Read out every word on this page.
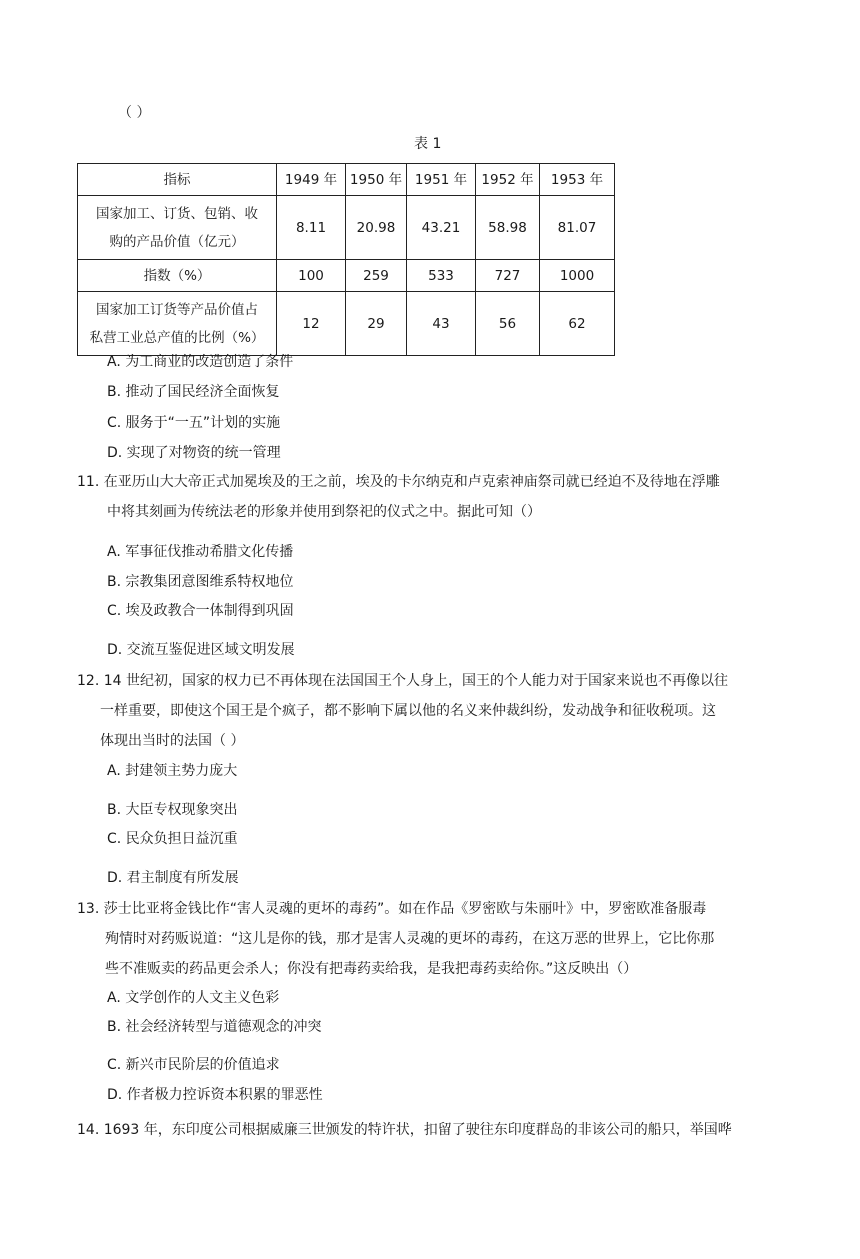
（ ）
表 1
指标	1949 年	1950 年	1951 年	1952 年	1953 年

国家加工、订货、包销、收
购的产品价值（亿元）	8.11	20.98	43.21	58.98	81.07
指数（%）	100	259	533	727	1000

国家加工订货等产品价值占
私营工业总产值的比例（%）	12	29	43	56	62
A. 为工商业的改造创造了条件
B. 推动了国民经济全面恢复
C. 服务于“一五”计划的实施
D. 实现了对物资的统一管理
11. 在亚历山大大帝正式加冕埃及的王之前，埃及的卡尔纳克和卢克索神庙祭司就已经迫不及待地在浮雕
中将其刻画为传统法老的形象并使用到祭祀的仪式之中。据此可知（）
A. 军事征伐推动希腊文化传播
B. 宗教集团意图维系特权地位
C. 埃及政教合一体制得到巩固
D. 交流互鉴促进区域文明发展
12. 14 世纪初，国家的权力已不再体现在法国国王个人身上，国王的个人能力对于国家来说也不再像以往
一样重要，即使这个国王是个疯子，都不影响下属以他的名义来仲裁纠纷，发动战争和征收税项。这
体现出当时的法国（ ）
A. 封建领主势力庞大
B. 大臣专权现象突出
C. 民众负担日益沉重
D. 君主制度有所发展
13. 莎士比亚将金钱比作“害人灵魂的更坏的毒药”。如在作品《罗密欧与朱丽叶》中，罗密欧准备服毒
殉情时对药贩说道：“这儿是你的钱，那才是害人灵魂的更坏的毒药，在这万恶的世界上，它比你那
些不准贩卖的药品更会杀人；你没有把毒药卖给我，是我把毒药卖给你。”这反映出（）
A. 文学创作的人文主义色彩
B. 社会经济转型与道德观念的冲突
C. 新兴市民阶层的价值追求
D. 作者极力控诉资本积累的罪恶性
14. 1693 年，东印度公司根据威廉三世颁发的特许状，扣留了驶往东印度群岛的非该公司的船只，举国哗
